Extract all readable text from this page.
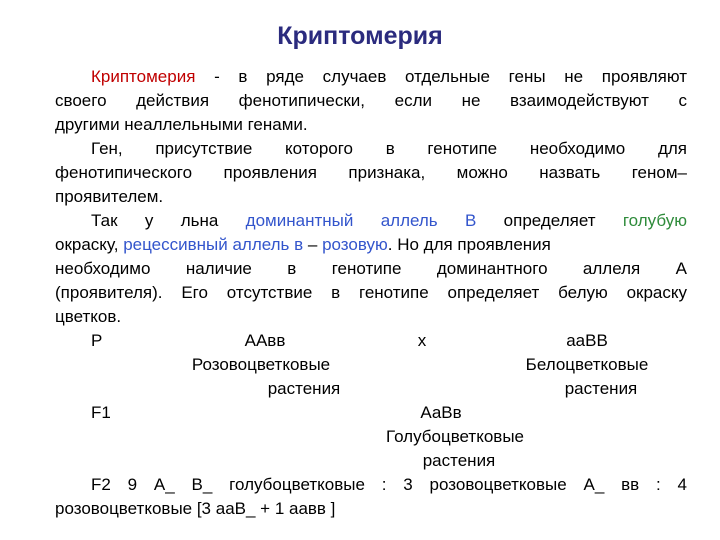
Криптомерия
Криптомерия - в ряде случаев отдельные гены не проявляют
своего действия фенотипически, если не взаимодействуют с
другими неаллельными генами.
Ген, присутствие которого в генотипе необходимо для
фенотипического проявления признака, можно назвать геном–
проявителем.
Так у льна доминантный аллель В определяет голубую
окраску, рецессивный аллель в – розовую. Но для проявления
необходимо наличие в генотипе доминантного аллеля А
(проявителя). Его отсутствие в генотипе определяет белую окраску
цветков.
Р	ААвв	х	ааВВ
Розовоцветковые	Белоцветковые
растения	растения
F1	АаВв
Голубоцветковые
растения
F2 9 А_ В_ голубоцветковые : 3 розовоцветковые А_ вв : 4
розовоцветковые [3 ааВ_ + 1 аавв ]
